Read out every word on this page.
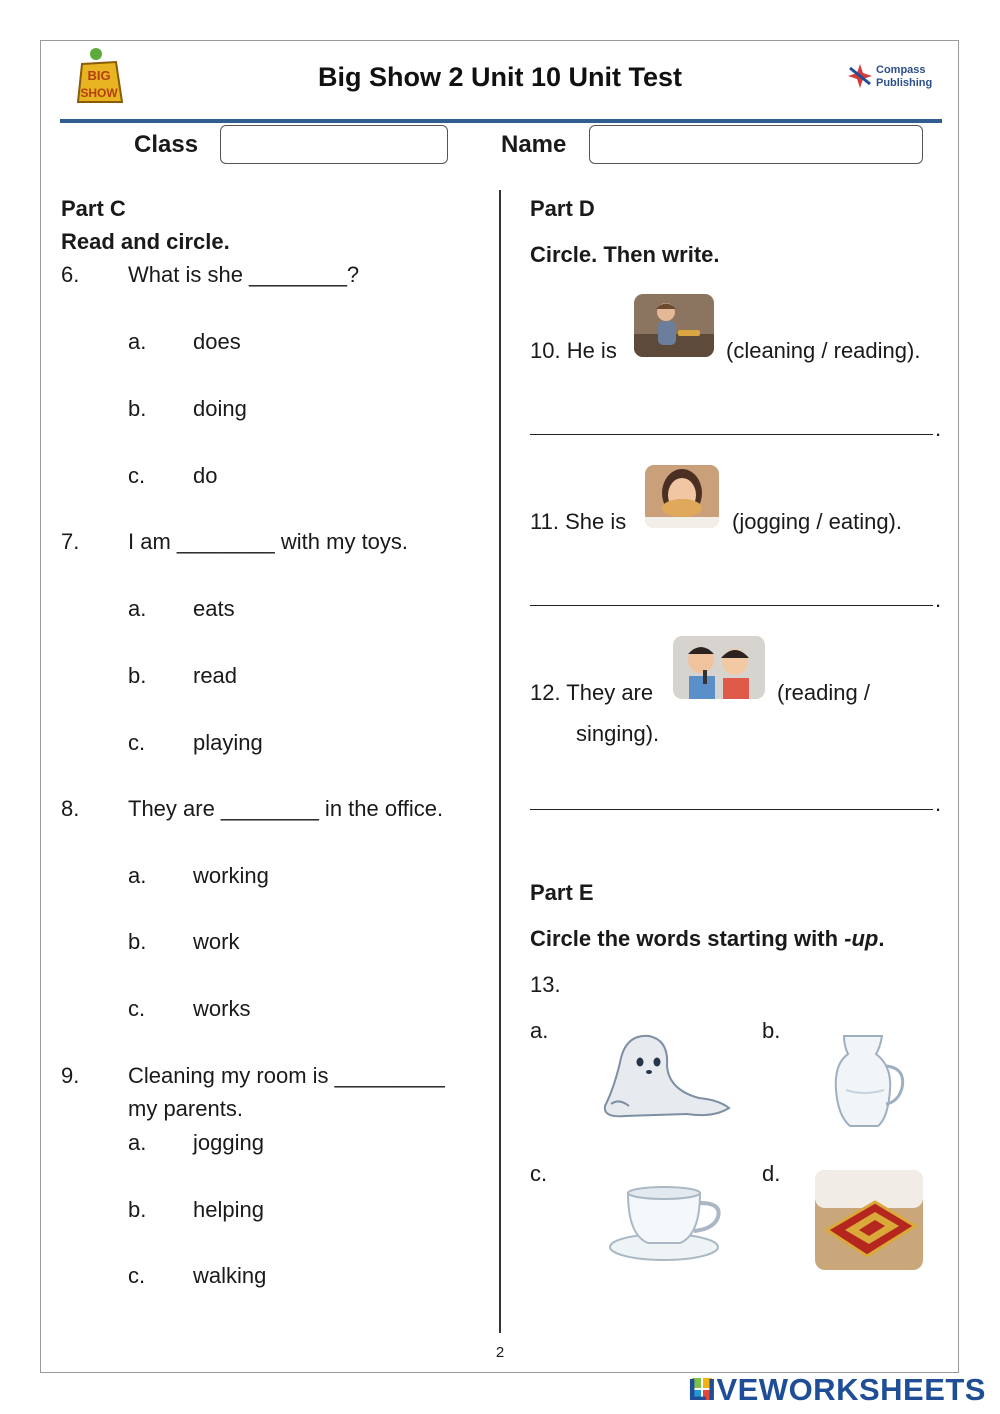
BIG
SHOW
Big Show 2 Unit 10 Unit Test	Compass
Publishing
Class	Name
Part C
Read and circle.
6. What is she ________?
a. does
b. doing
c. do
7. I am ________ with my toys.
a. eats
b. read
c. playing
8. They are ________ in the office.
a. working
b. work
c. works
9. Cleaning my room is _________
my parents.
a. jogging
b. helping
c. walking
Part D
Circle. Then write.
10. He is	(cleaning / reading).
.
11. She is	(jogging / eating).
.
12. They are	(reading /
singing).
.
Part E
Circle the words starting with -up.
13.
a.	b.
c.	d.
2
LIVEWORKSHEETS
